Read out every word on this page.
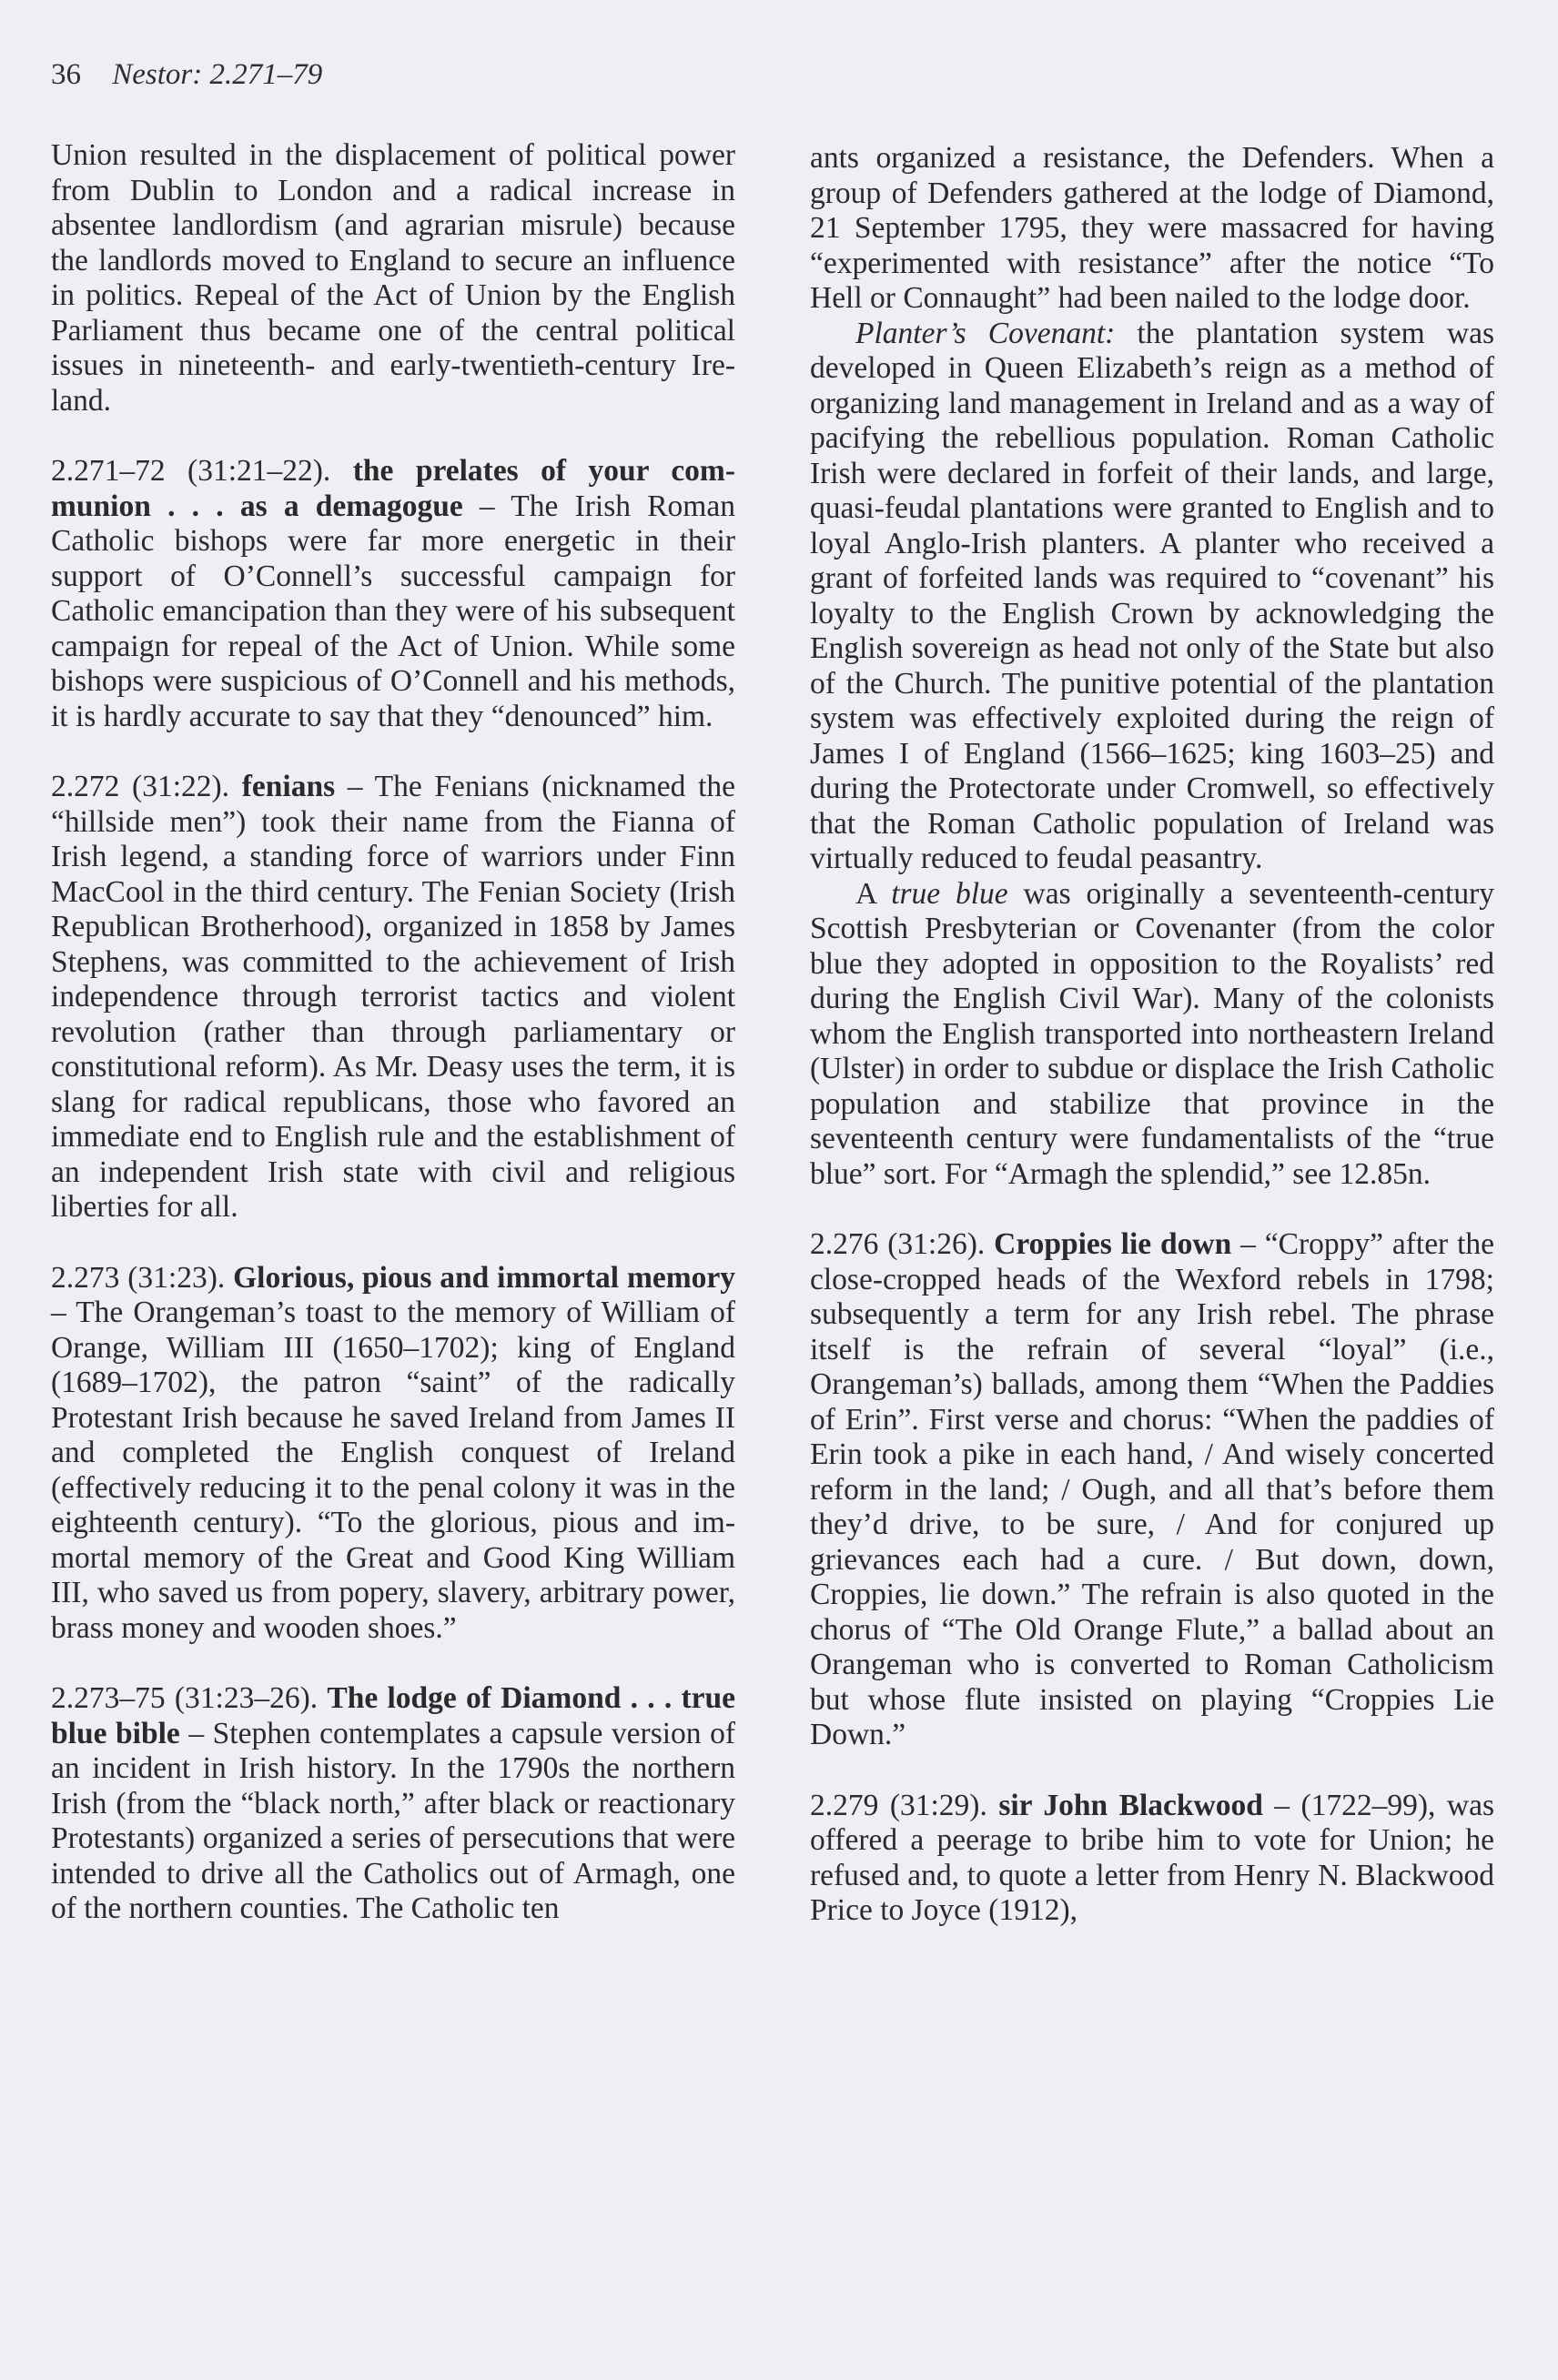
36 Nestor: 2.271–79

Union resulted in the displacement of political power from Dublin to London and a radical increase in absentee landlordism (and agrarian misrule) because the landlords moved to England to secure an influence in politics. Repeal of the Act of Union by the English Parliament thus became one of the central political issues in nineteenth- and early-twentieth-century Ireland.

2.271–72 (31:21–22). the prelates of your communion . . . as a demagogue – The Irish Roman Catholic bishops were far more energetic in their support of O’Connell’s successful campaign for Catholic emancipation than they were of his subsequent campaign for repeal of the Act of Union. While some bishops were suspicious of O’Connell and his methods, it is hardly accurate to say that they “denounced” him.

2.272 (31:22). fenians – The Fenians (nicknamed the “hillside men”) took their name from the Fianna of Irish legend, a standing force of warriors under Finn MacCool in the third century. The Fenian Society (Irish Republican Brotherhood), organized in 1858 by James Stephens, was committed to the achievement of Irish independence through terrorist tactics and violent revolution (rather than through parliamentary or constitutional reform). As Mr. Deasy uses the term, it is slang for radical republicans, those who favored an immediate end to English rule and the establishment of an independent Irish state with civil and religious liberties for all.

2.273 (31:23). Glorious, pious and immortal memory – The Orangeman’s toast to the memory of William of Orange, William III (1650–1702); king of England (1689–1702), the patron “saint” of the radically Protestant Irish because he saved Ireland from James II and completed the English conquest of Ireland (effectively reducing it to the penal colony it was in the eighteenth century). “To the glorious, pious and immortal memory of the Great and Good King William III, who saved us from popery, slavery, arbitrary power, brass money and wooden shoes.”

2.273–75 (31:23–26). The lodge of Diamond . . . true blue bible – Stephen contemplates a capsule version of an incident in Irish history. In the 1790s the northern Irish (from the “black north,” after black or reactionary Protestants) organized a series of persecutions that were intended to drive all the Catholics out of Armagh, one of the northern counties. The Catholic ten

ants organized a resistance, the Defenders. When a group of Defenders gathered at the lodge of Diamond, 21 September 1795, they were massacred for having “experimented with resistance” after the notice “To Hell or Connaught” had been nailed to the lodge door.

Planter’s Covenant: the plantation system was developed in Queen Elizabeth’s reign as a method of organizing land management in Ireland and as a way of pacifying the rebellious population. Roman Catholic Irish were declared in forfeit of their lands, and large, quasi-feudal plantations were granted to English and to loyal Anglo-Irish planters. A planter who received a grant of forfeited lands was required to “covenant” his loyalty to the English Crown by acknowledging the English sovereign as head not only of the State but also of the Church. The punitive potential of the plantation system was effectively exploited during the reign of James I of England (1566–1625; king 1603–25) and during the Protectorate under Cromwell, so effectively that the Roman Catholic population of Ireland was virtually reduced to feudal peasantry.

A true blue was originally a seventeenth-century Scottish Presbyterian or Covenanter (from the color blue they adopted in opposition to the Royalists’ red during the English Civil War). Many of the colonists whom the English transported into northeastern Ireland (Ulster) in order to subdue or displace the Irish Catholic population and stabilize that province in the seventeenth century were fundamentalists of the “true blue” sort. For “Armagh the splendid,” see 12.85n.

2.276 (31:26). Croppies lie down – “Croppy” after the close-cropped heads of the Wexford rebels in 1798; subsequently a term for any Irish rebel. The phrase itself is the refrain of several “loyal” (i.e., Orangeman’s) ballads, among them “When the Paddies of Erin”. First verse and chorus: “When the paddies of Erin took a pike in each hand, / And wisely concerted reform in the land; / Ough, and all that’s before them they’d drive, to be sure, / And for conjured up grievances each had a cure. / But down, down, Croppies, lie down.” The refrain is also quoted in the chorus of “The Old Orange Flute,” a ballad about an Orangeman who is converted to Roman Catholicism but whose flute insisted on playing “Croppies Lie Down.”

2.279 (31:29). sir John Blackwood – (1722–99), was offered a peerage to bribe him to vote for Union; he refused and, to quote a letter from Henry N. Blackwood Price to Joyce (1912),
